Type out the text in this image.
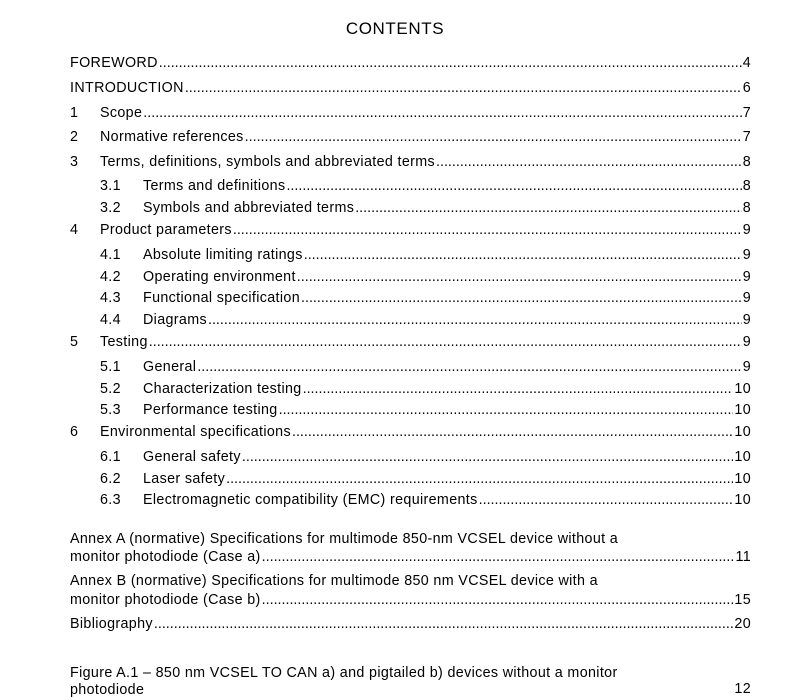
CONTENTS
FOREWORD .....	4
INTRODUCTION .....	6
1	Scope .....	7
2	Normative references .....	7
3	Terms, definitions, symbols and abbreviated terms .....	8
3.1	Terms and definitions .....	8
3.2	Symbols and abbreviated terms .....	8
4	Product parameters .....	9
4.1	Absolute limiting ratings .....	9
4.2	Operating environment .....	9
4.3	Functional specification .....	9
4.4	Diagrams .....	9
5	Testing .....	9
5.1	General .....	9
5.2	Characterization testing .....	10
5.3	Performance testing .....	10
6	Environmental specifications .....	10
6.1	General safety .....	10
6.2	Laser safety .....	10
6.3	Electromagnetic compatibility (EMC) requirements .....	10
Annex A (normative) Specifications for multimode 850-nm VCSEL device without a
monitor photodiode (Case a) .....	11
Annex B (normative) Specifications for multimode 850 nm VCSEL device with a
monitor photodiode (Case b) .....	15
Bibliography .....	20
Figure A.1 – 850 nm VCSEL TO CAN a) and pigtailed b) devices without a monitor
photodiode	12
